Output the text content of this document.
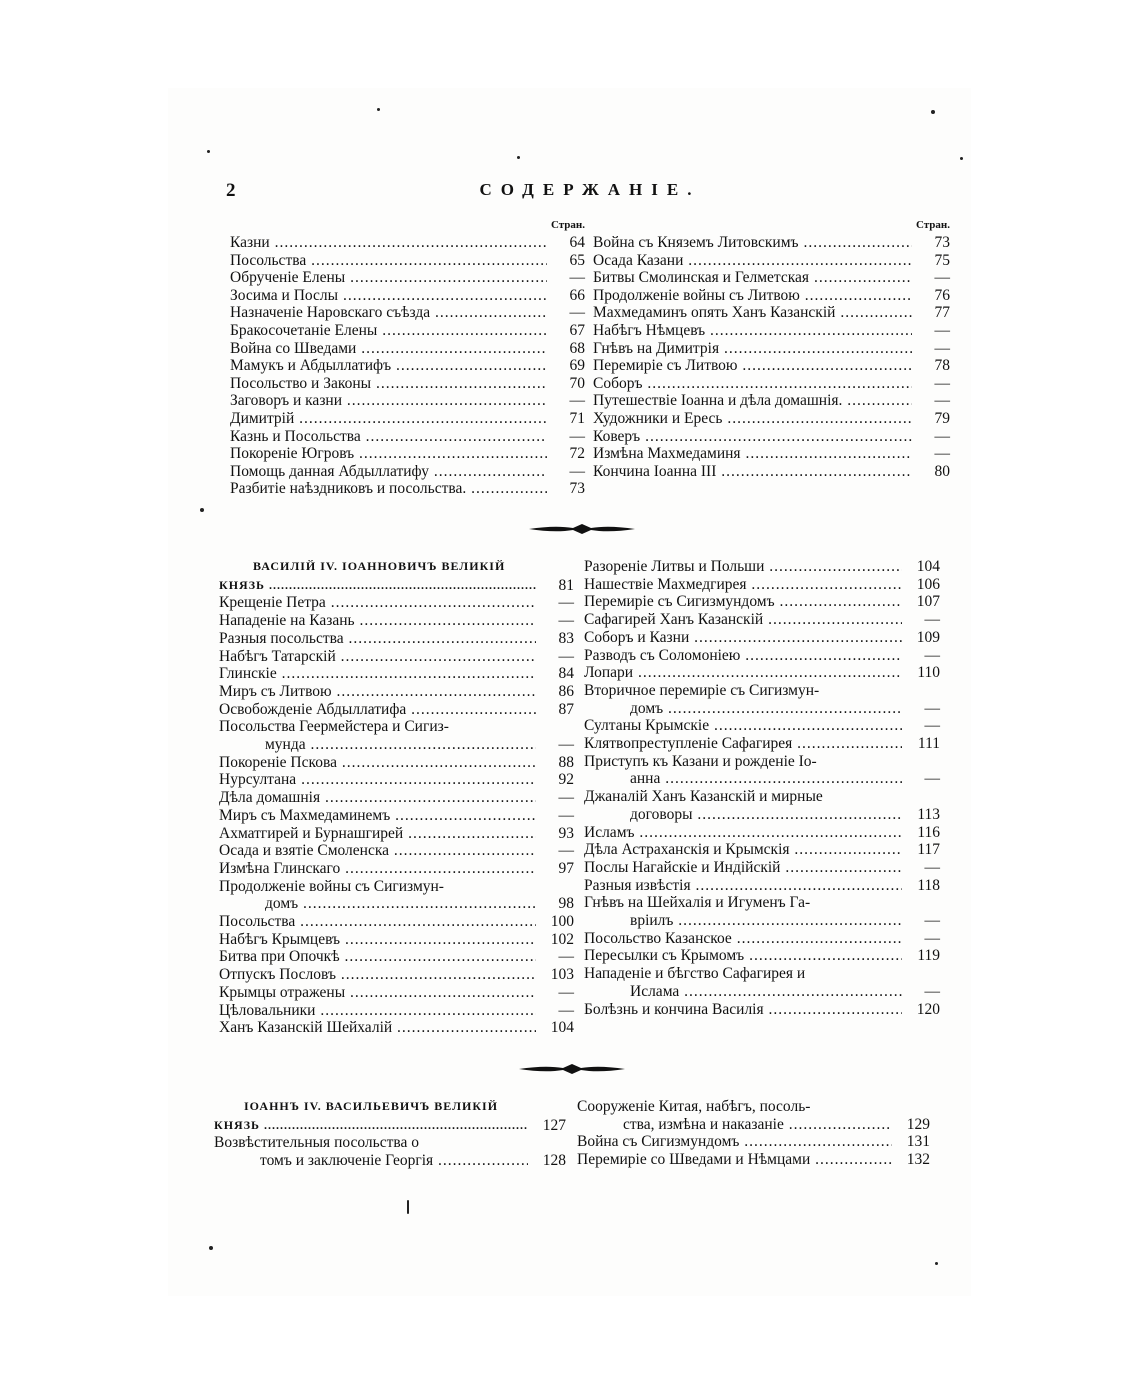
2	СОДЕРЖАНІЕ.
Стран.
Казни .....	64
Посольства .....	65
Обрученіе Елены .....	—
Зосима и Послы .....	66
Назначеніе Наровскаго съѣзда .....	—
Бракосочетаніе Елены .....	67
Война со Шведами .....	68
Мамукъ и Абдыллатифъ .....	69
Посольство и Законы .....	70
Заговоръ и казни .....	—
Димитрій .....	71
Казнь и Посольства .....	—
Покореніе Югровъ .....	72
Помощь данная Абдыллатифу .....	—
Разбитіе наѣздниковъ и посольства. .....	73
Стран.
Война съ Княземъ Литовскимъ .....	73
Осада Казани .....	75
Битвы Смолинская и Гелметская .....	—
Продолженіе войны съ Литвою .....	76
Махмедаминъ опять Ханъ Казанскій .....	77
Набѣгъ Нѣмцевъ .....	—
Гнѣвъ на Димитрія .....	—
Перемиріе съ Литвою .....	78
Соборъ .....	—
Путешествіе Іоанна и дѣла домашнія. .....	—
Художники и Ересь .....	79
Коверъ .....	—
Измѣна Махмедаминя .....	—
Кончина Іоанна III .....	80
ВАСИЛІЙ IV. ІОАННОВИЧЪ ВЕЛИКІЙ
КНЯЗЬ .....	81
Крещеніе Петра .....	—
Нападеніе на Казань .....	—
Разныя посольства .....	83
Набѣгъ Татарскій .....	—
Глинскіе .....	84
Миръ съ Литвою .....	86
Освобожденіе Абдыллатифа .....	87
Посольства Геермейстера и Сигиз-
мунда .....	—
Покореніе Пскова .....	88
Нурсултана .....	92
Дѣла домашнія .....	—
Миръ съ Махмедаминемъ .....	—
Ахматгирей и Бурнашгирей .....	93
Осада и взятіе Смоленска .....	—
Измѣна Глинскаго .....	97
Продолженіе войны съ Сигизмун-
домъ .....	98
Посольства .....	100
Набѣгъ Крымцевъ .....	102
Битва при Опочкѣ .....	—
Отпускъ Пословъ .....	103
Крымцы отражены .....	—
Цѣловальники .....	—
Ханъ Казанскій Шейхалій .....	104
Разореніе Литвы и Польши .....	104
Нашествіе Махмедгирея .....	106
Перемиріе съ Сигизмундомъ .....	107
Сафагирей Ханъ Казанскій .....	—
Соборъ и Казни .....	109
Разводъ съ Соломоніею .....	—
Лопари .....	110
Вторичное перемиріе съ Сигизмун-
домъ .....	—
Султаны Крымскіе .....	—
Клятвопреступленіе Сафагирея .....	111
Приступъ къ Казани и рожденіе Іо-
анна .....	—
Джаналій Ханъ Казанскій и мирные
договоры .....	113
Исламъ .....	116
Дѣла Астраханскія и Крымскія .....	117
Послы Нагайскіе и Индійскій .....	—
Разныя извѣстія .....	118
Гнѣвъ на Шейхалія и Игуменъ Га-
вріилъ .....	—
Посольство Казанское .....	—
Пересылки съ Крымомъ .....	119
Нападеніе и бѣгство Сафагирея и
Ислама .....	—
Болѣзнь и кончина Василія .....	120
ІОАННЪ IV. ВАСИЛЬЕВИЧЪ ВЕЛИКІЙ
КНЯЗЬ .....	127
Возвѣстительныя посольства о
томъ и заключеніе Георгія .....	128
Сооруженіе Китая, набѣгъ, посоль-
ства, измѣна и наказаніе .....	129
Война съ Сигизмундомъ .....	131
Перемиріе со Шведами и Нѣмцами .....	132
